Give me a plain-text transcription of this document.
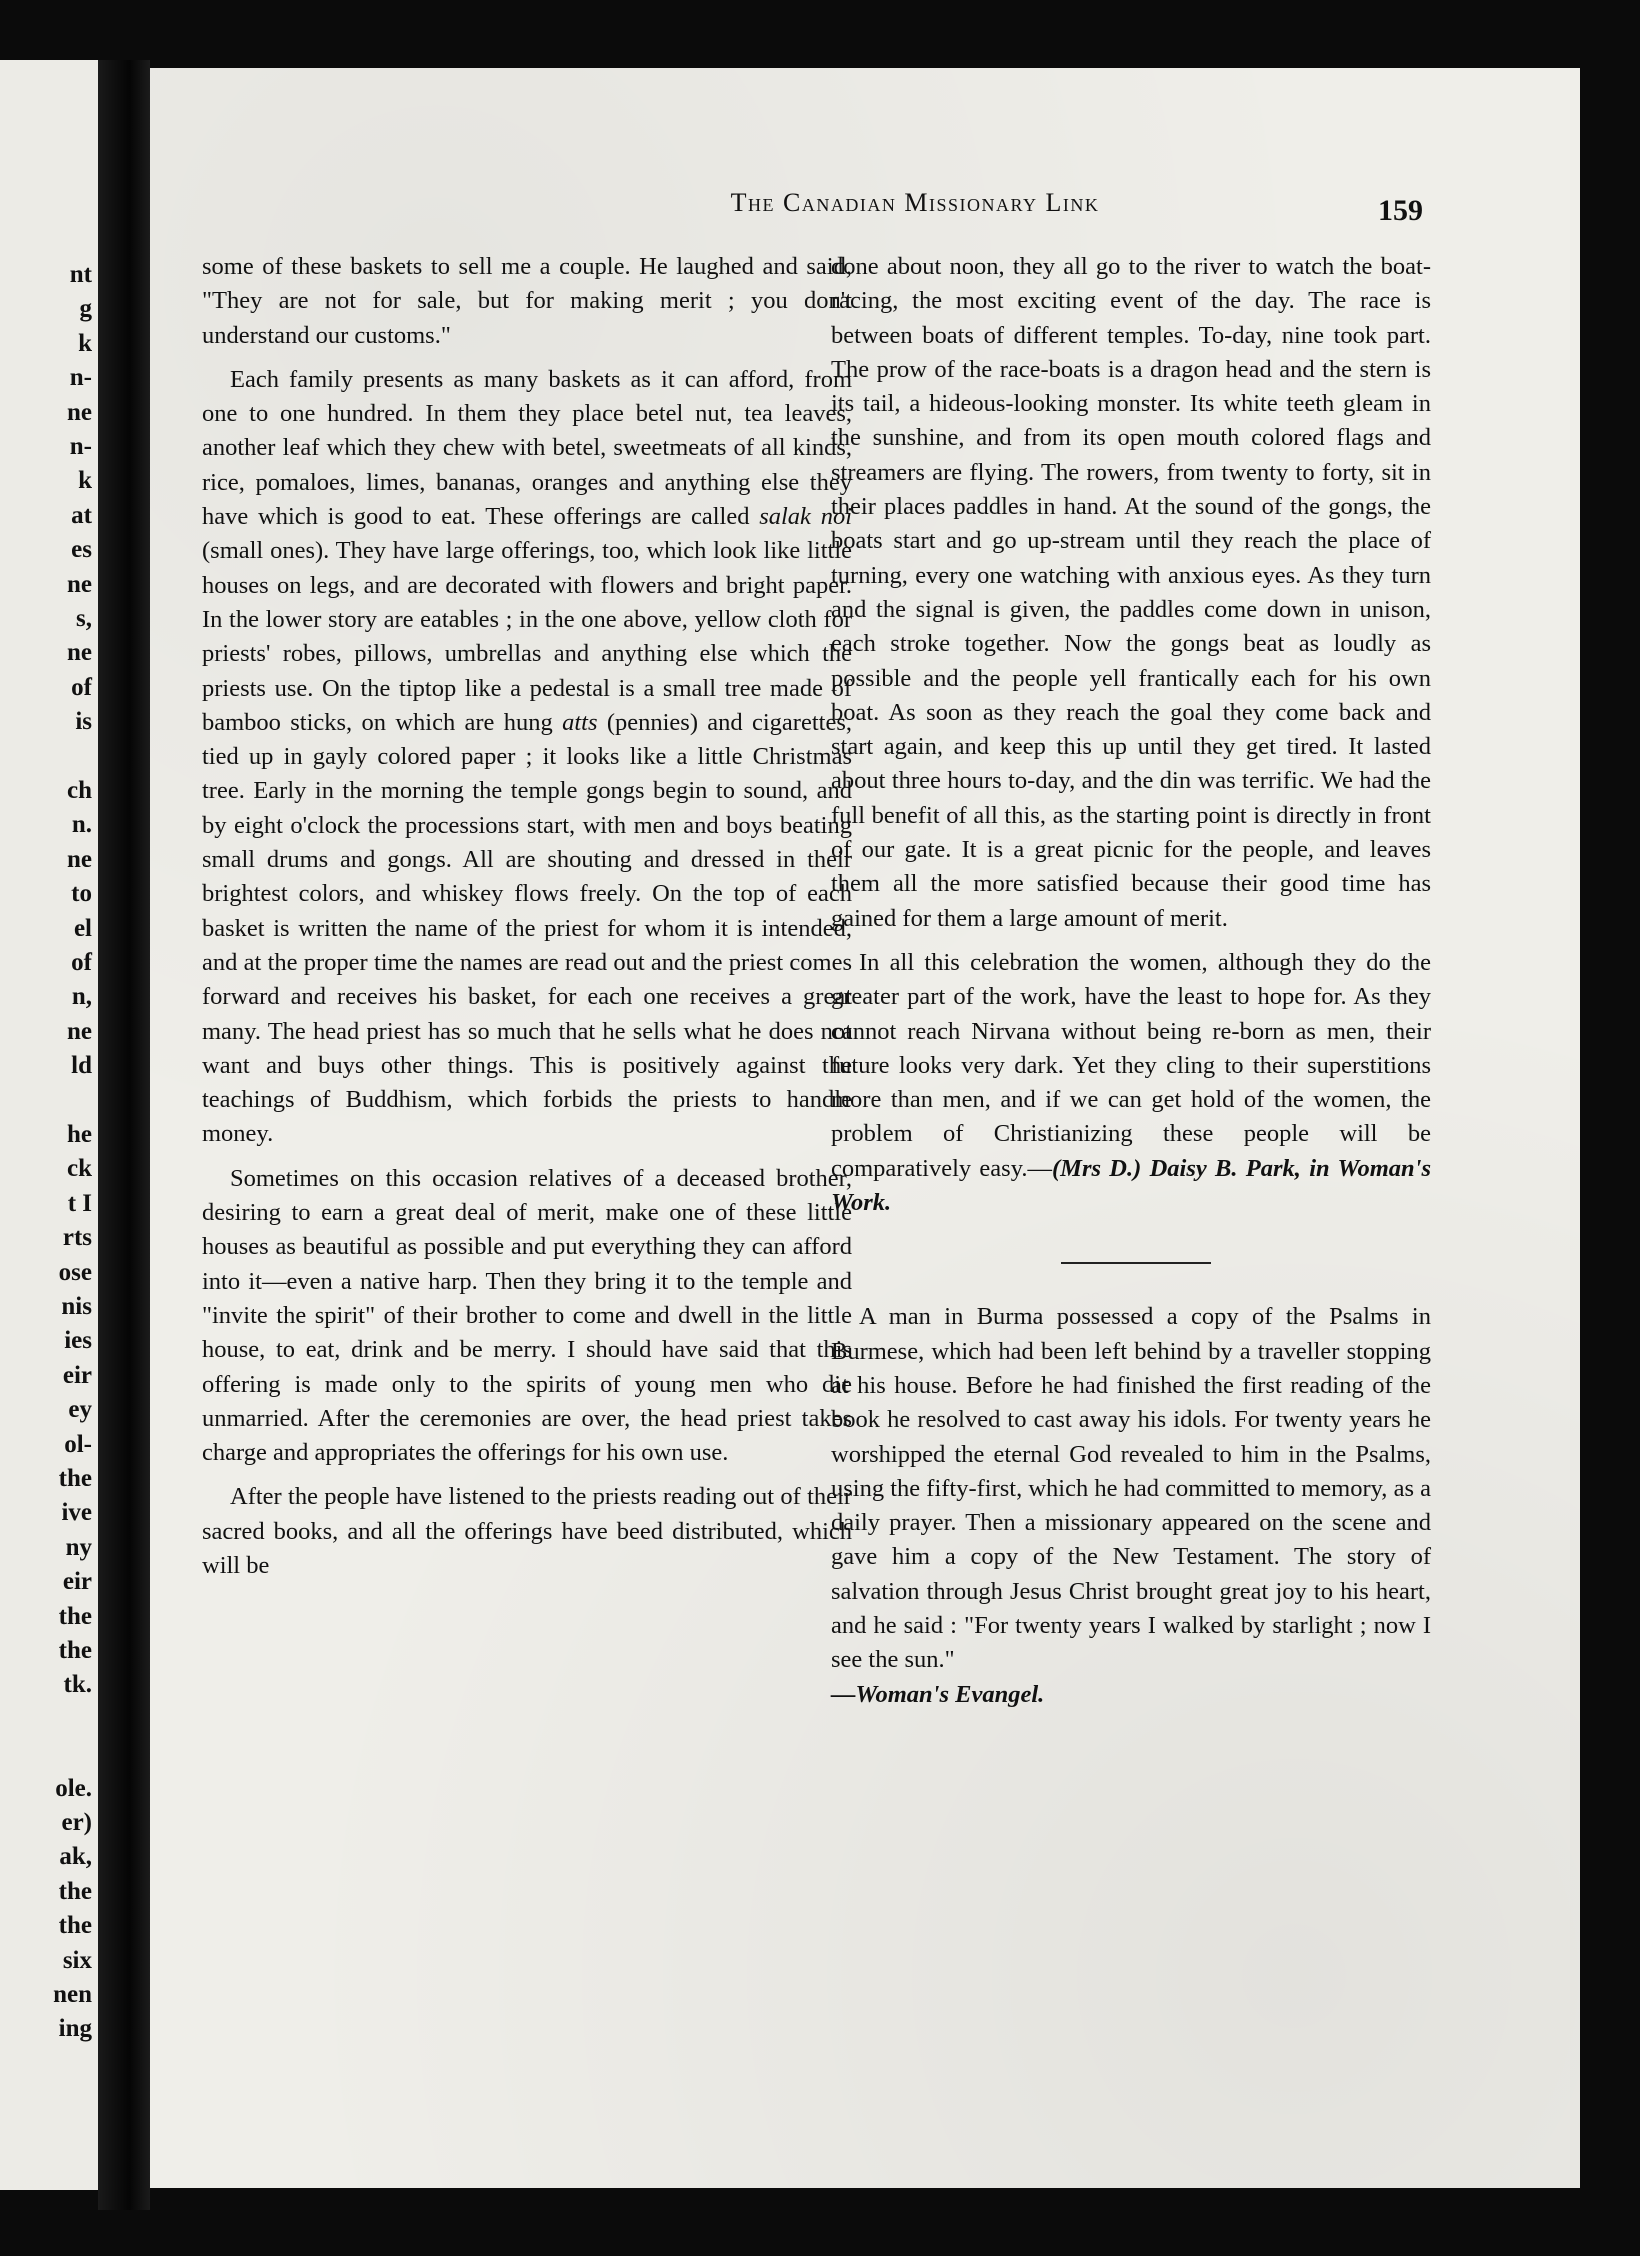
nt
g
k
n-
ne
n-
k
at
es
ne
s,
ne
of
is
ch
n.
ne
to
el
of
n,
ne
ld
he
ck
t I
rts
ose
nis
ies
eir
ey
ol-
the
ive
ny
eir
the
the
tk.
ole.
er)
ak,
the
the
six
nen
ing
The Canadian Missionary Link	159

some of these baskets to sell me a couple. He laughed and said, "They are not for sale, but for making merit ; you don't understand our customs."

Each family presents as many baskets as it can afford, from one to one hundred. In them they place betel nut, tea leaves, another leaf which they chew with betel, sweetmeats of all kinds, rice, pomaloes, limes, bananas, oranges and anything else they have which is good to eat. These offerings are called salak noi (small ones). They have large offerings, too, which look like little houses on legs, and are decorated with flowers and bright paper. In the lower story are eatables ; in the one above, yellow cloth for priests' robes, pillows, umbrellas and anything else which the priests use. On the tiptop like a pedestal is a small tree made of bamboo sticks, on which are hung atts (pennies) and cigarettes, tied up in gayly colored paper ; it looks like a little Christmas tree. Early in the morning the temple gongs begin to sound, and by eight o'clock the processions start, with men and boys beating small drums and gongs. All are shouting and dressed in their brightest colors, and whiskey flows freely. On the top of each basket is written the name of the priest for whom it is intended, and at the proper time the names are read out and the priest comes forward and receives his basket, for each one receives a great many. The head priest has so much that he sells what he does not want and buys other things. This is positively against the teachings of Buddhism, which forbids the priests to handle money.

Sometimes on this occasion relatives of a deceased brother, desiring to earn a great deal of merit, make one of these little houses as beautiful as possible and put everything they can afford into it—even a native harp. Then they bring it to the temple and "invite the spirit" of their brother to come and dwell in the little house, to eat, drink and be merry. I should have said that this offering is made only to the spirits of young men who die unmarried. After the ceremonies are over, the head priest takes charge and appropriates the offerings for his own use.

After the people have listened to the priests reading out of their sacred books, and all the offerings have beed distributed, which will be

done about noon, they all go to the river to watch the boat-racing, the most exciting event of the day. The race is between boats of different temples. To-day, nine took part. The prow of the race-boats is a dragon head and the stern is its tail, a hideous-looking monster. Its white teeth gleam in the sunshine, and from its open mouth colored flags and streamers are flying. The rowers, from twenty to forty, sit in their places paddles in hand. At the sound of the gongs, the boats start and go up-stream until they reach the place of turning, every one watching with anxious eyes. As they turn and the signal is given, the paddles come down in unison, each stroke together. Now the gongs beat as loudly as possible and the people yell frantically each for his own boat. As soon as they reach the goal they come back and start again, and keep this up until they get tired. It lasted about three hours to-day, and the din was terrific. We had the full benefit of all this, as the starting point is directly in front of our gate. It is a great picnic for the people, and leaves them all the more satisfied because their good time has gained for them a large amount of merit.

In all this celebration the women, although they do the greater part of the work, have the least to hope for. As they cannot reach Nirvana without being re-born as men, their future looks very dark. Yet they cling to their superstitions more than men, and if we can get hold of the women, the problem of Christianizing these people will be comparatively easy.—(Mrs D.) Daisy B. Park, in Woman's Work.

A man in Burma possessed a copy of the Psalms in Burmese, which had been left behind by a traveller stopping at his house. Before he had finished the first reading of the book he resolved to cast away his idols. For twenty years he worshipped the eternal God revealed to him in the Psalms, using the fifty-first, which he had committed to memory, as a daily prayer. Then a missionary appeared on the scene and gave him a copy of the New Testament. The story of salvation through Jesus Christ brought great joy to his heart, and he said : "For twenty years I walked by starlight ; now I see the sun."
—Woman's Evangel.
